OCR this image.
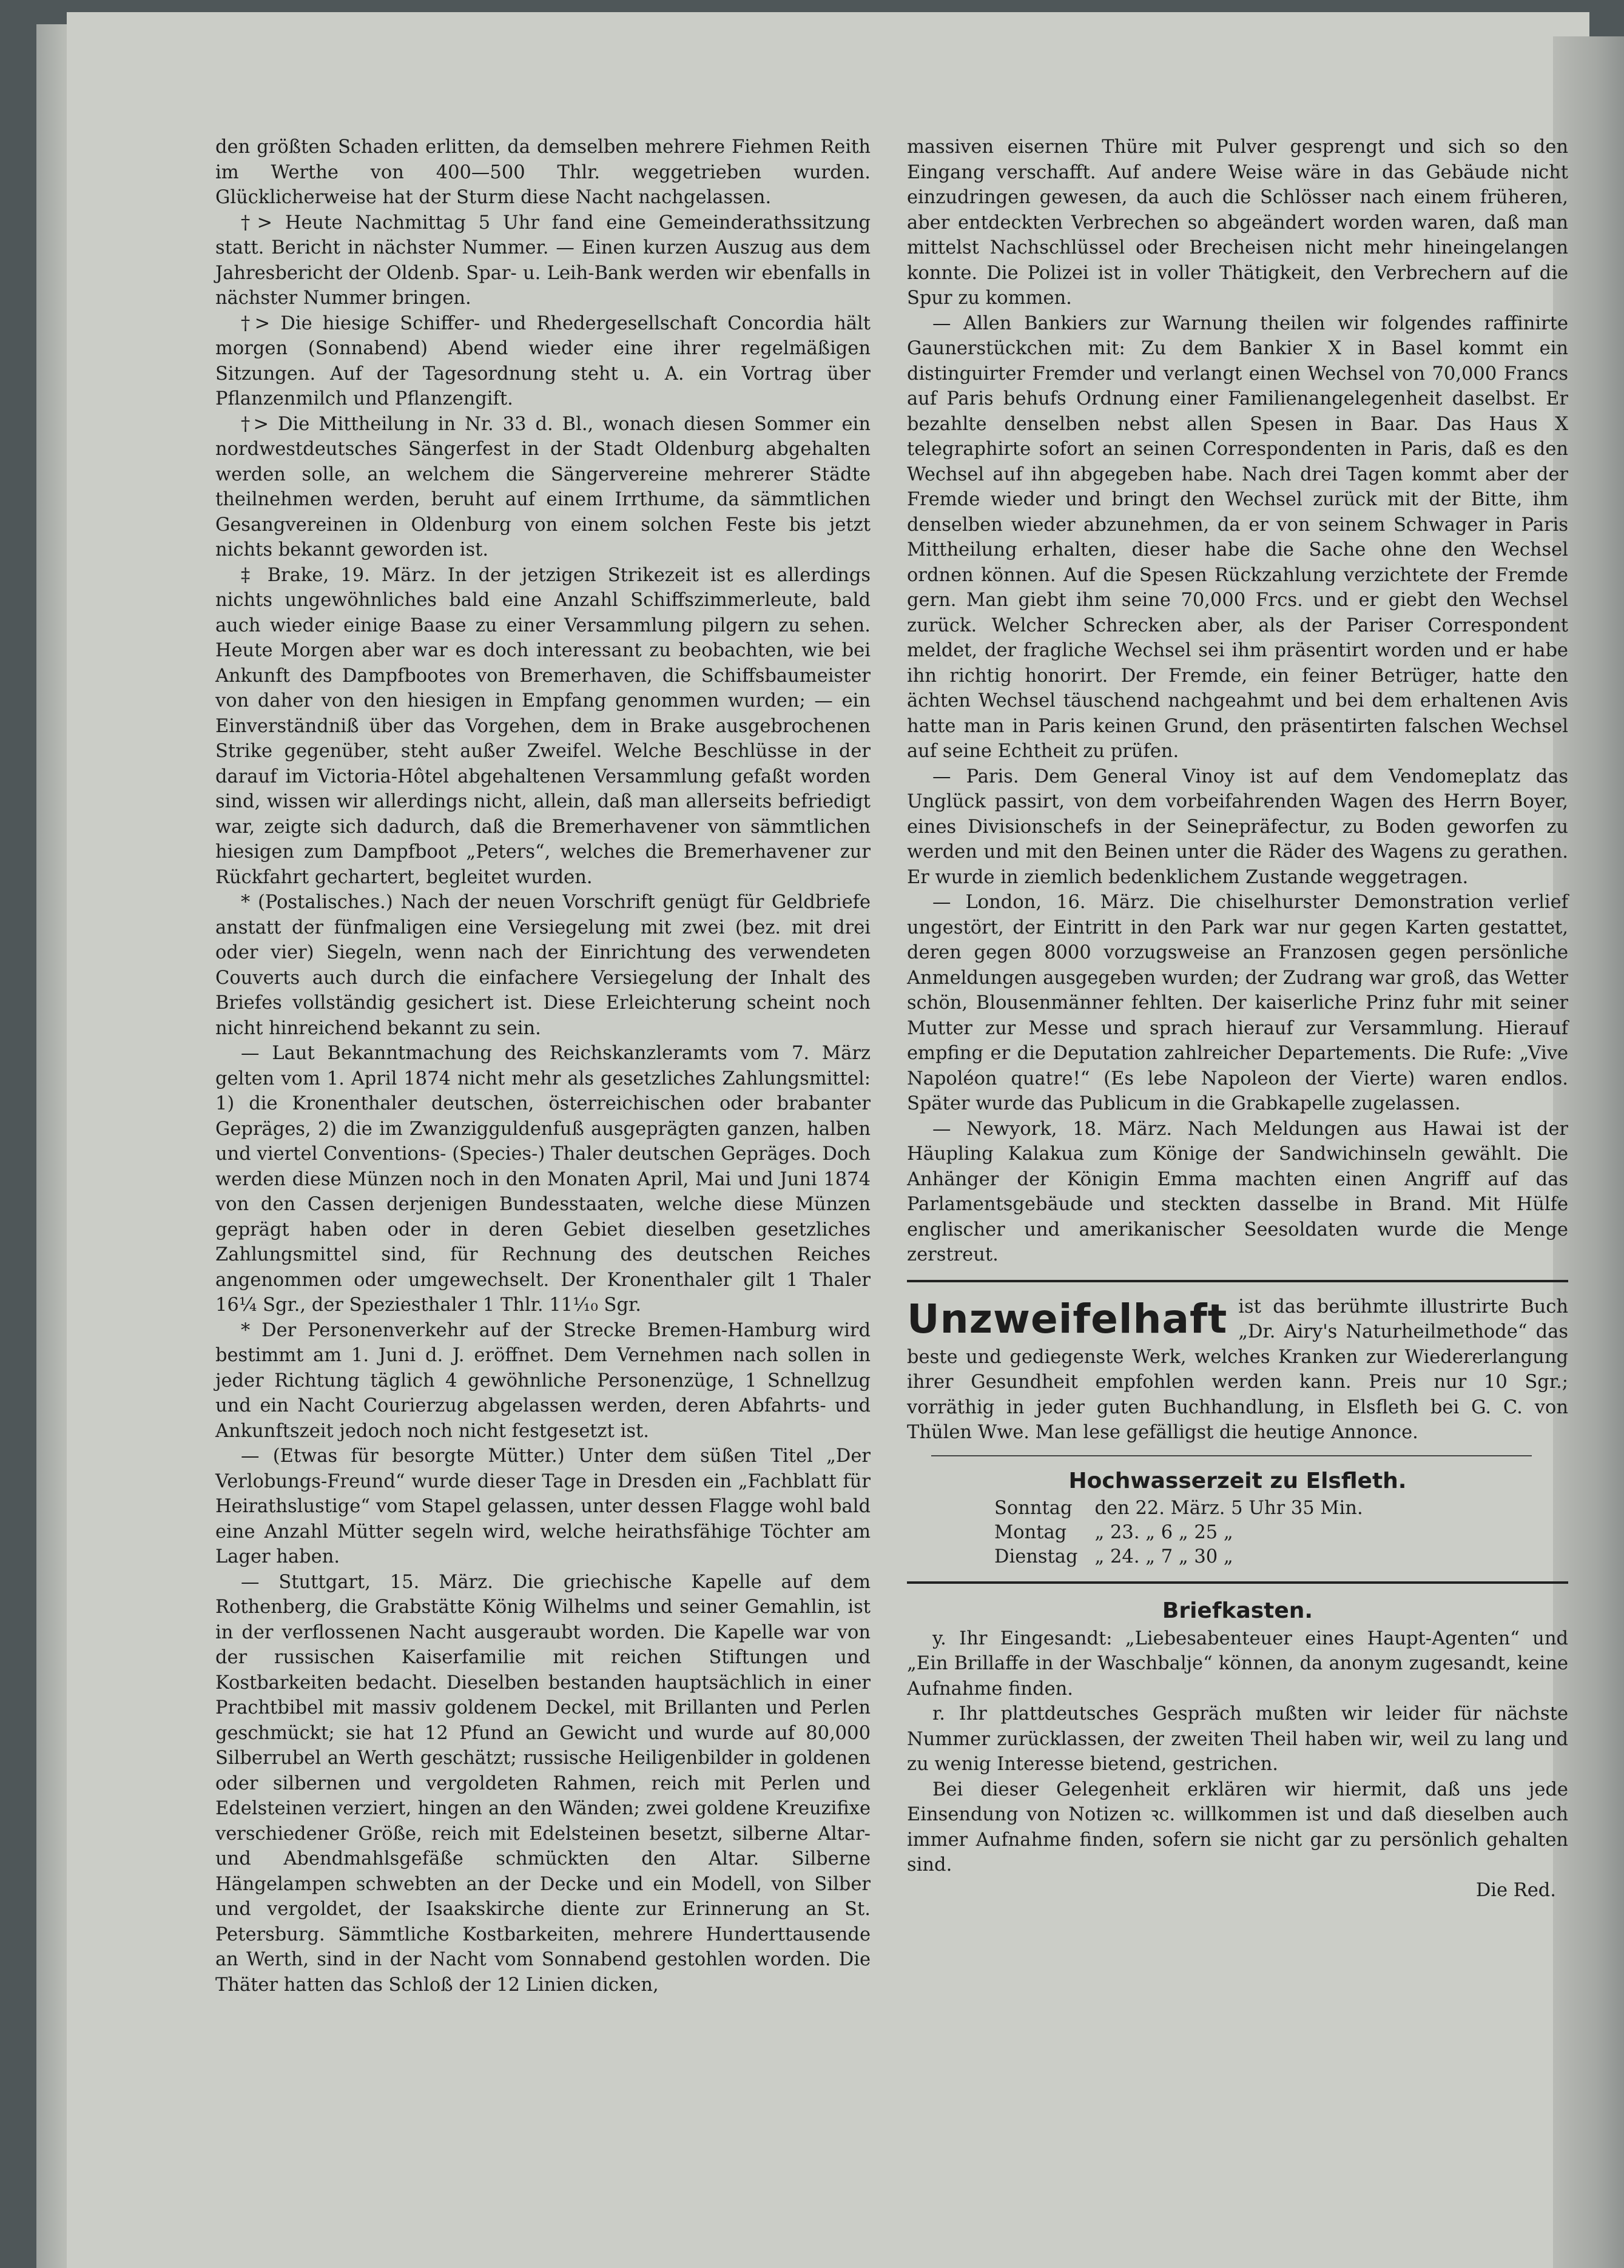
den größten Schaden erlitten, da demselben mehrere Fiehmen Reith im Werthe von 400—500 Thlr. weggetrieben wurden. Glücklicherweise hat der Sturm diese Nacht nachgelassen.

†> Heute Nachmittag 5 Uhr fand eine Gemeinderathssitzung statt. Bericht in nächster Nummer. — Einen kurzen Auszug aus dem Jahresbericht der Oldenb. Spar- u. Leih-Bank werden wir ebenfalls in nächster Nummer bringen.

†> Die hiesige Schiffer- und Rhedergesellschaft Concordia hält morgen (Sonnabend) Abend wieder eine ihrer regelmäßigen Sitzungen. Auf der Tagesordnung steht u. A. ein Vortrag über Pflanzenmilch und Pflanzengift.

†> Die Mittheilung in Nr. 33 d. Bl., wonach diesen Sommer ein nordwestdeutsches Sängerfest in der Stadt Oldenburg abgehalten werden solle, an welchem die Sängervereine mehrerer Städte theilnehmen werden, beruht auf einem Irrthume, da sämmtlichen Gesangvereinen in Oldenburg von einem solchen Feste bis jetzt nichts bekannt geworden ist.

‡ Brake, 19. März. In der jetzigen Strikezeit ist es allerdings nichts ungewöhnliches bald eine Anzahl Schiffszimmerleute, bald auch wieder einige Baase zu einer Versammlung pilgern zu sehen. Heute Morgen aber war es doch interessant zu beobachten, wie bei Ankunft des Dampfbootes von Bremerhaven, die Schiffsbaumeister von daher von den hiesigen in Empfang genommen wurden; — ein Einverständniß über das Vorgehen, dem in Brake ausgebrochenen Strike gegenüber, steht außer Zweifel. Welche Beschlüsse in der darauf im Victoria-Hôtel abgehaltenen Versammlung gefaßt worden sind, wissen wir allerdings nicht, allein, daß man allerseits befriedigt war, zeigte sich dadurch, daß die Bremerhavener von sämmtlichen hiesigen zum Dampfboot „Peters“, welches die Bremerhavener zur Rückfahrt gechartert, begleitet wurden.

* (Postalisches.) Nach der neuen Vorschrift genügt für Geldbriefe anstatt der fünfmaligen eine Versiegelung mit zwei (bez. mit drei oder vier) Siegeln, wenn nach der Einrichtung des verwendeten Couverts auch durch die einfachere Versiegelung der Inhalt des Briefes vollständig gesichert ist. Diese Erleichterung scheint noch nicht hinreichend bekannt zu sein.

— Laut Bekanntmachung des Reichskanzleramts vom 7. März gelten vom 1. April 1874 nicht mehr als gesetzliches Zahlungsmittel: 1) die Kronenthaler deutschen, österreichischen oder brabanter Gepräges, 2) die im Zwanzigguldenfuß ausgeprägten ganzen, halben und viertel Conventions- (Species-) Thaler deutschen Gepräges. Doch werden diese Münzen noch in den Monaten April, Mai und Juni 1874 von den Cassen derjenigen Bundesstaaten, welche diese Münzen geprägt haben oder in deren Gebiet dieselben gesetzliches Zahlungsmittel sind, für Rechnung des deutschen Reiches angenommen oder umgewechselt. Der Kronenthaler gilt 1 Thaler 16¼ Sgr., der Speziesthaler 1 Thlr. 11¹⁄₁₀ Sgr.

* Der Personenverkehr auf der Strecke Bremen-Hamburg wird bestimmt am 1. Juni d. J. eröffnet. Dem Vernehmen nach sollen in jeder Richtung täglich 4 gewöhnliche Personenzüge, 1 Schnellzug und ein Nacht Courierzug abgelassen werden, deren Abfahrts- und Ankunftszeit jedoch noch nicht festgesetzt ist.

— (Etwas für besorgte Mütter.) Unter dem süßen Titel „Der Verlobungs-Freund“ wurde dieser Tage in Dresden ein „Fachblatt für Heirathslustige“ vom Stapel gelassen, unter dessen Flagge wohl bald eine Anzahl Mütter segeln wird, welche heirathsfähige Töchter am Lager haben.

— Stuttgart, 15. März. Die griechische Kapelle auf dem Rothenberg, die Grabstätte König Wilhelms und seiner Gemahlin, ist in der verflossenen Nacht ausgeraubt worden. Die Kapelle war von der russischen Kaiserfamilie mit reichen Stiftungen und Kostbarkeiten bedacht. Dieselben bestanden hauptsächlich in einer Prachtbibel mit massiv goldenem Deckel, mit Brillanten und Perlen geschmückt; sie hat 12 Pfund an Gewicht und wurde auf 80,000 Silberrubel an Werth geschätzt; russische Heiligenbilder in goldenen oder silbernen und vergoldeten Rahmen, reich mit Perlen und Edelsteinen verziert, hingen an den Wänden; zwei goldene Kreuzifixe verschiedener Größe, reich mit Edelsteinen besetzt, silberne Altar- und Abendmahlsgefäße schmückten den Altar. Silberne Hängelampen schwebten an der Decke und ein Modell, von Silber und vergoldet, der Isaakskirche diente zur Erinnerung an St. Petersburg. Sämmtliche Kostbarkeiten, mehrere Hunderttausende an Werth, sind in der Nacht vom Sonnabend gestohlen worden. Die Thäter hatten das Schloß der 12 Linien dicken,

massiven eisernen Thüre mit Pulver gesprengt und sich so den Eingang verschafft. Auf andere Weise wäre in das Gebäude nicht einzudringen gewesen, da auch die Schlösser nach einem früheren, aber entdeckten Verbrechen so abgeändert worden waren, daß man mittelst Nachschlüssel oder Brecheisen nicht mehr hineingelangen konnte. Die Polizei ist in voller Thätigkeit, den Verbrechern auf die Spur zu kommen.

— Allen Bankiers zur Warnung theilen wir folgendes raffinirte Gaunerstückchen mit: Zu dem Bankier X in Basel kommt ein distinguirter Fremder und verlangt einen Wechsel von 70,000 Francs auf Paris behufs Ordnung einer Familienangelegenheit daselbst. Er bezahlte denselben nebst allen Spesen in Baar. Das Haus X telegraphirte sofort an seinen Correspondenten in Paris, daß es den Wechsel auf ihn abgegeben habe. Nach drei Tagen kommt aber der Fremde wieder und bringt den Wechsel zurück mit der Bitte, ihm denselben wieder abzunehmen, da er von seinem Schwager in Paris Mittheilung erhalten, dieser habe die Sache ohne den Wechsel ordnen können. Auf die Spesen Rückzahlung verzichtete der Fremde gern. Man giebt ihm seine 70,000 Frcs. und er giebt den Wechsel zurück. Welcher Schrecken aber, als der Pariser Correspondent meldet, der fragliche Wechsel sei ihm präsentirt worden und er habe ihn richtig honorirt. Der Fremde, ein feiner Betrüger, hatte den ächten Wechsel täuschend nachgeahmt und bei dem erhaltenen Avis hatte man in Paris keinen Grund, den präsentirten falschen Wechsel auf seine Echtheit zu prüfen.

— Paris. Dem General Vinoy ist auf dem Vendomeplatz das Unglück passirt, von dem vorbeifahrenden Wagen des Herrn Boyer, eines Divisionschefs in der Seinepräfectur, zu Boden geworfen zu werden und mit den Beinen unter die Räder des Wagens zu gerathen. Er wurde in ziemlich bedenklichem Zustande weggetragen.

— London, 16. März. Die chiselhurster Demonstration verlief ungestört, der Eintritt in den Park war nur gegen Karten gestattet, deren gegen 8000 vorzugsweise an Franzosen gegen persönliche Anmeldungen ausgegeben wurden; der Zudrang war groß, das Wetter schön, Blousenmänner fehlten. Der kaiserliche Prinz fuhr mit seiner Mutter zur Messe und sprach hierauf zur Versammlung. Hierauf empfing er die Deputation zahlreicher Departements. Die Rufe: „Vive Napoléon quatre!“ (Es lebe Napoleon der Vierte) waren endlos. Später wurde das Publicum in die Grabkapelle zugelassen.

— Newyork, 18. März. Nach Meldungen aus Hawai ist der Häupling Kalakua zum Könige der Sandwichinseln gewählt. Die Anhänger der Königin Emma machten einen Angriff auf das Parlamentsgebäude und steckten dasselbe in Brand. Mit Hülfe englischer und amerikanischer Seesoldaten wurde die Menge zerstreut.

Unzweifelhaft ist das berühmte illustrirte Buch „Dr. Airy's Naturheilmethode“ das beste und gediegenste Werk, welches Kranken zur Wiedererlangung ihrer Gesundheit empfohlen werden kann. Preis nur 10 Sgr.; vorräthig in jeder guten Buchhandlung, in Elsfleth bei G. C. von Thülen Wwe. Man lese gefälligst die heutige Annonce.

Hochwasserzeit zu Elsfleth.
Sonntag	den 22. März. 5 Uhr 35 Min.
Montag	„ 23. „ 6 „ 25 „
Dienstag	„ 24. „ 7 „ 30 „
Briefkasten.

y. Ihr Eingesandt: „Liebesabenteuer eines Haupt-Agenten“ und „Ein Brillaffe in der Waschbalje“ können, da anonym zugesandt, keine Aufnahme finden.

r. Ihr plattdeutsches Gespräch mußten wir leider für nächste Nummer zurücklassen, der zweiten Theil haben wir, weil zu lang und zu wenig Interesse bietend, gestrichen.

Bei dieser Gelegenheit erklären wir hiermit, daß uns jede Einsendung von Notizen ꝛc. willkommen ist und daß dieselben auch immer Aufnahme finden, sofern sie nicht gar zu persönlich gehalten sind.

Die Red.
